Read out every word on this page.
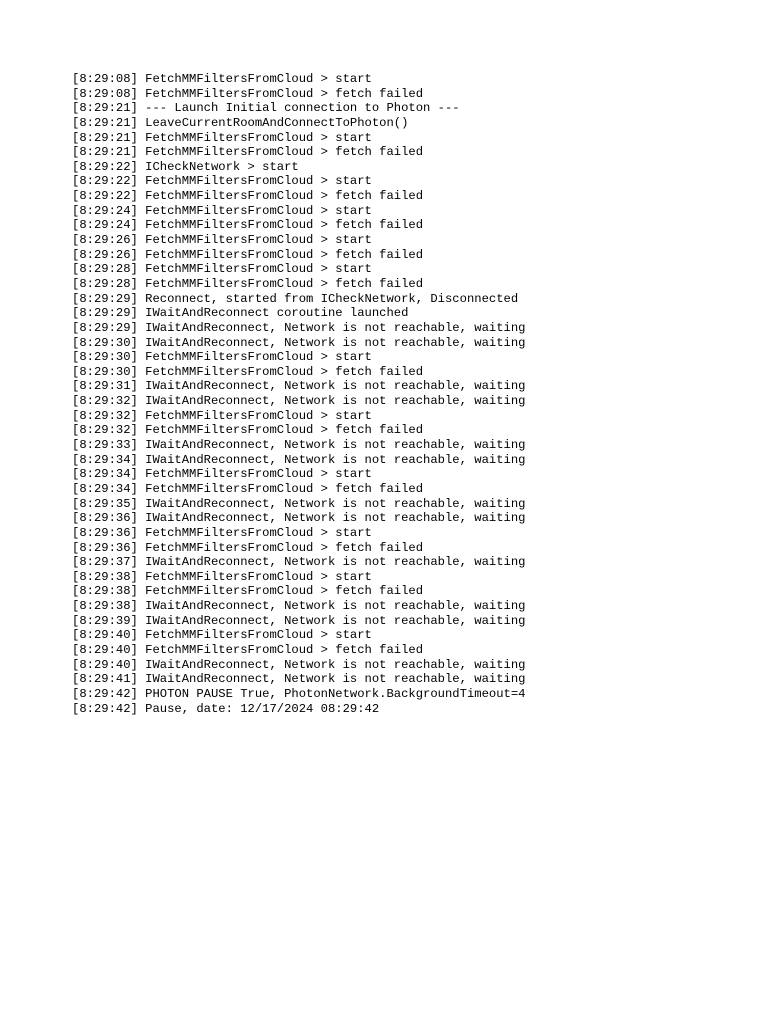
[8:29:08] FetchMMFiltersFromCloud > start
[8:29:08] FetchMMFiltersFromCloud > fetch failed
[8:29:21] --- Launch Initial connection to Photon ---
[8:29:21] LeaveCurrentRoomAndConnectToPhoton()
[8:29:21] FetchMMFiltersFromCloud > start
[8:29:21] FetchMMFiltersFromCloud > fetch failed
[8:29:22] ICheckNetwork > start
[8:29:22] FetchMMFiltersFromCloud > start
[8:29:22] FetchMMFiltersFromCloud > fetch failed
[8:29:24] FetchMMFiltersFromCloud > start
[8:29:24] FetchMMFiltersFromCloud > fetch failed
[8:29:26] FetchMMFiltersFromCloud > start
[8:29:26] FetchMMFiltersFromCloud > fetch failed
[8:29:28] FetchMMFiltersFromCloud > start
[8:29:28] FetchMMFiltersFromCloud > fetch failed
[8:29:29] Reconnect, started from ICheckNetwork, Disconnected
[8:29:29] IWaitAndReconnect coroutine launched
[8:29:29] IWaitAndReconnect, Network is not reachable, waiting
[8:29:30] IWaitAndReconnect, Network is not reachable, waiting
[8:29:30] FetchMMFiltersFromCloud > start
[8:29:30] FetchMMFiltersFromCloud > fetch failed
[8:29:31] IWaitAndReconnect, Network is not reachable, waiting
[8:29:32] IWaitAndReconnect, Network is not reachable, waiting
[8:29:32] FetchMMFiltersFromCloud > start
[8:29:32] FetchMMFiltersFromCloud > fetch failed
[8:29:33] IWaitAndReconnect, Network is not reachable, waiting
[8:29:34] IWaitAndReconnect, Network is not reachable, waiting
[8:29:34] FetchMMFiltersFromCloud > start
[8:29:34] FetchMMFiltersFromCloud > fetch failed
[8:29:35] IWaitAndReconnect, Network is not reachable, waiting
[8:29:36] IWaitAndReconnect, Network is not reachable, waiting
[8:29:36] FetchMMFiltersFromCloud > start
[8:29:36] FetchMMFiltersFromCloud > fetch failed
[8:29:37] IWaitAndReconnect, Network is not reachable, waiting
[8:29:38] FetchMMFiltersFromCloud > start
[8:29:38] FetchMMFiltersFromCloud > fetch failed
[8:29:38] IWaitAndReconnect, Network is not reachable, waiting
[8:29:39] IWaitAndReconnect, Network is not reachable, waiting
[8:29:40] FetchMMFiltersFromCloud > start
[8:29:40] FetchMMFiltersFromCloud > fetch failed
[8:29:40] IWaitAndReconnect, Network is not reachable, waiting
[8:29:41] IWaitAndReconnect, Network is not reachable, waiting
[8:29:42] PHOTON PAUSE True, PhotonNetwork.BackgroundTimeout=4
[8:29:42] Pause, date: 12/17/2024 08:29:42
